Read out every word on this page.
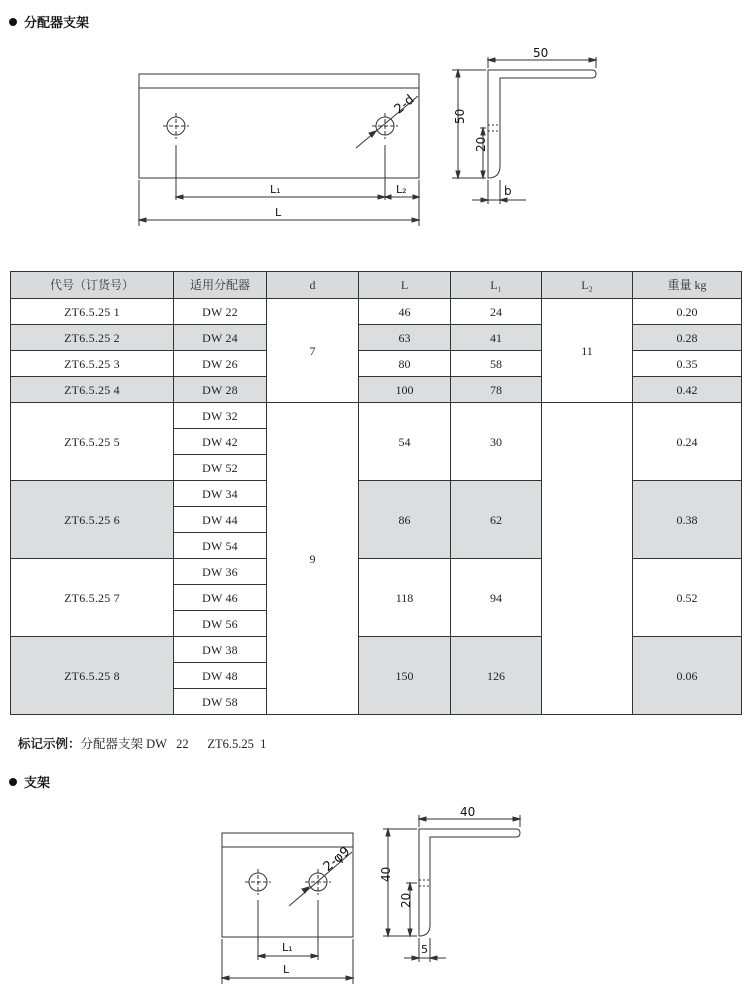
分配器支架
2-d
L₁	L₂
L
50
50
20
b
代号（订货号）	适用分配器	d	L	L₁	L₂	重量 kg
ZT6.5.25 1	DW 22	7	46	24	11	0.20
ZT6.5.25 2	DW 24		63	41		0.28
ZT6.5.25 3	DW 26		80	58		0.35
ZT6.5.25 4	DW 28		100	78		0.42
ZT6.5.25 5	DW 32	9	54	30		0.24
	DW 42					
	DW 52					
ZT6.5.25 6	DW 34		86	62		0.38
	DW 44					
	DW 54					
ZT6.5.25 7	DW 36		118	94		0.52
	DW 46					
	DW 56					
ZT6.5.25 8	DW 38		150	126		0.06
	DW 48					
	DW 58					
标记示例：分配器支架 DW   22      ZT6.5.25  1
支架
2-φ9
L₁
L
40
40
20
5
